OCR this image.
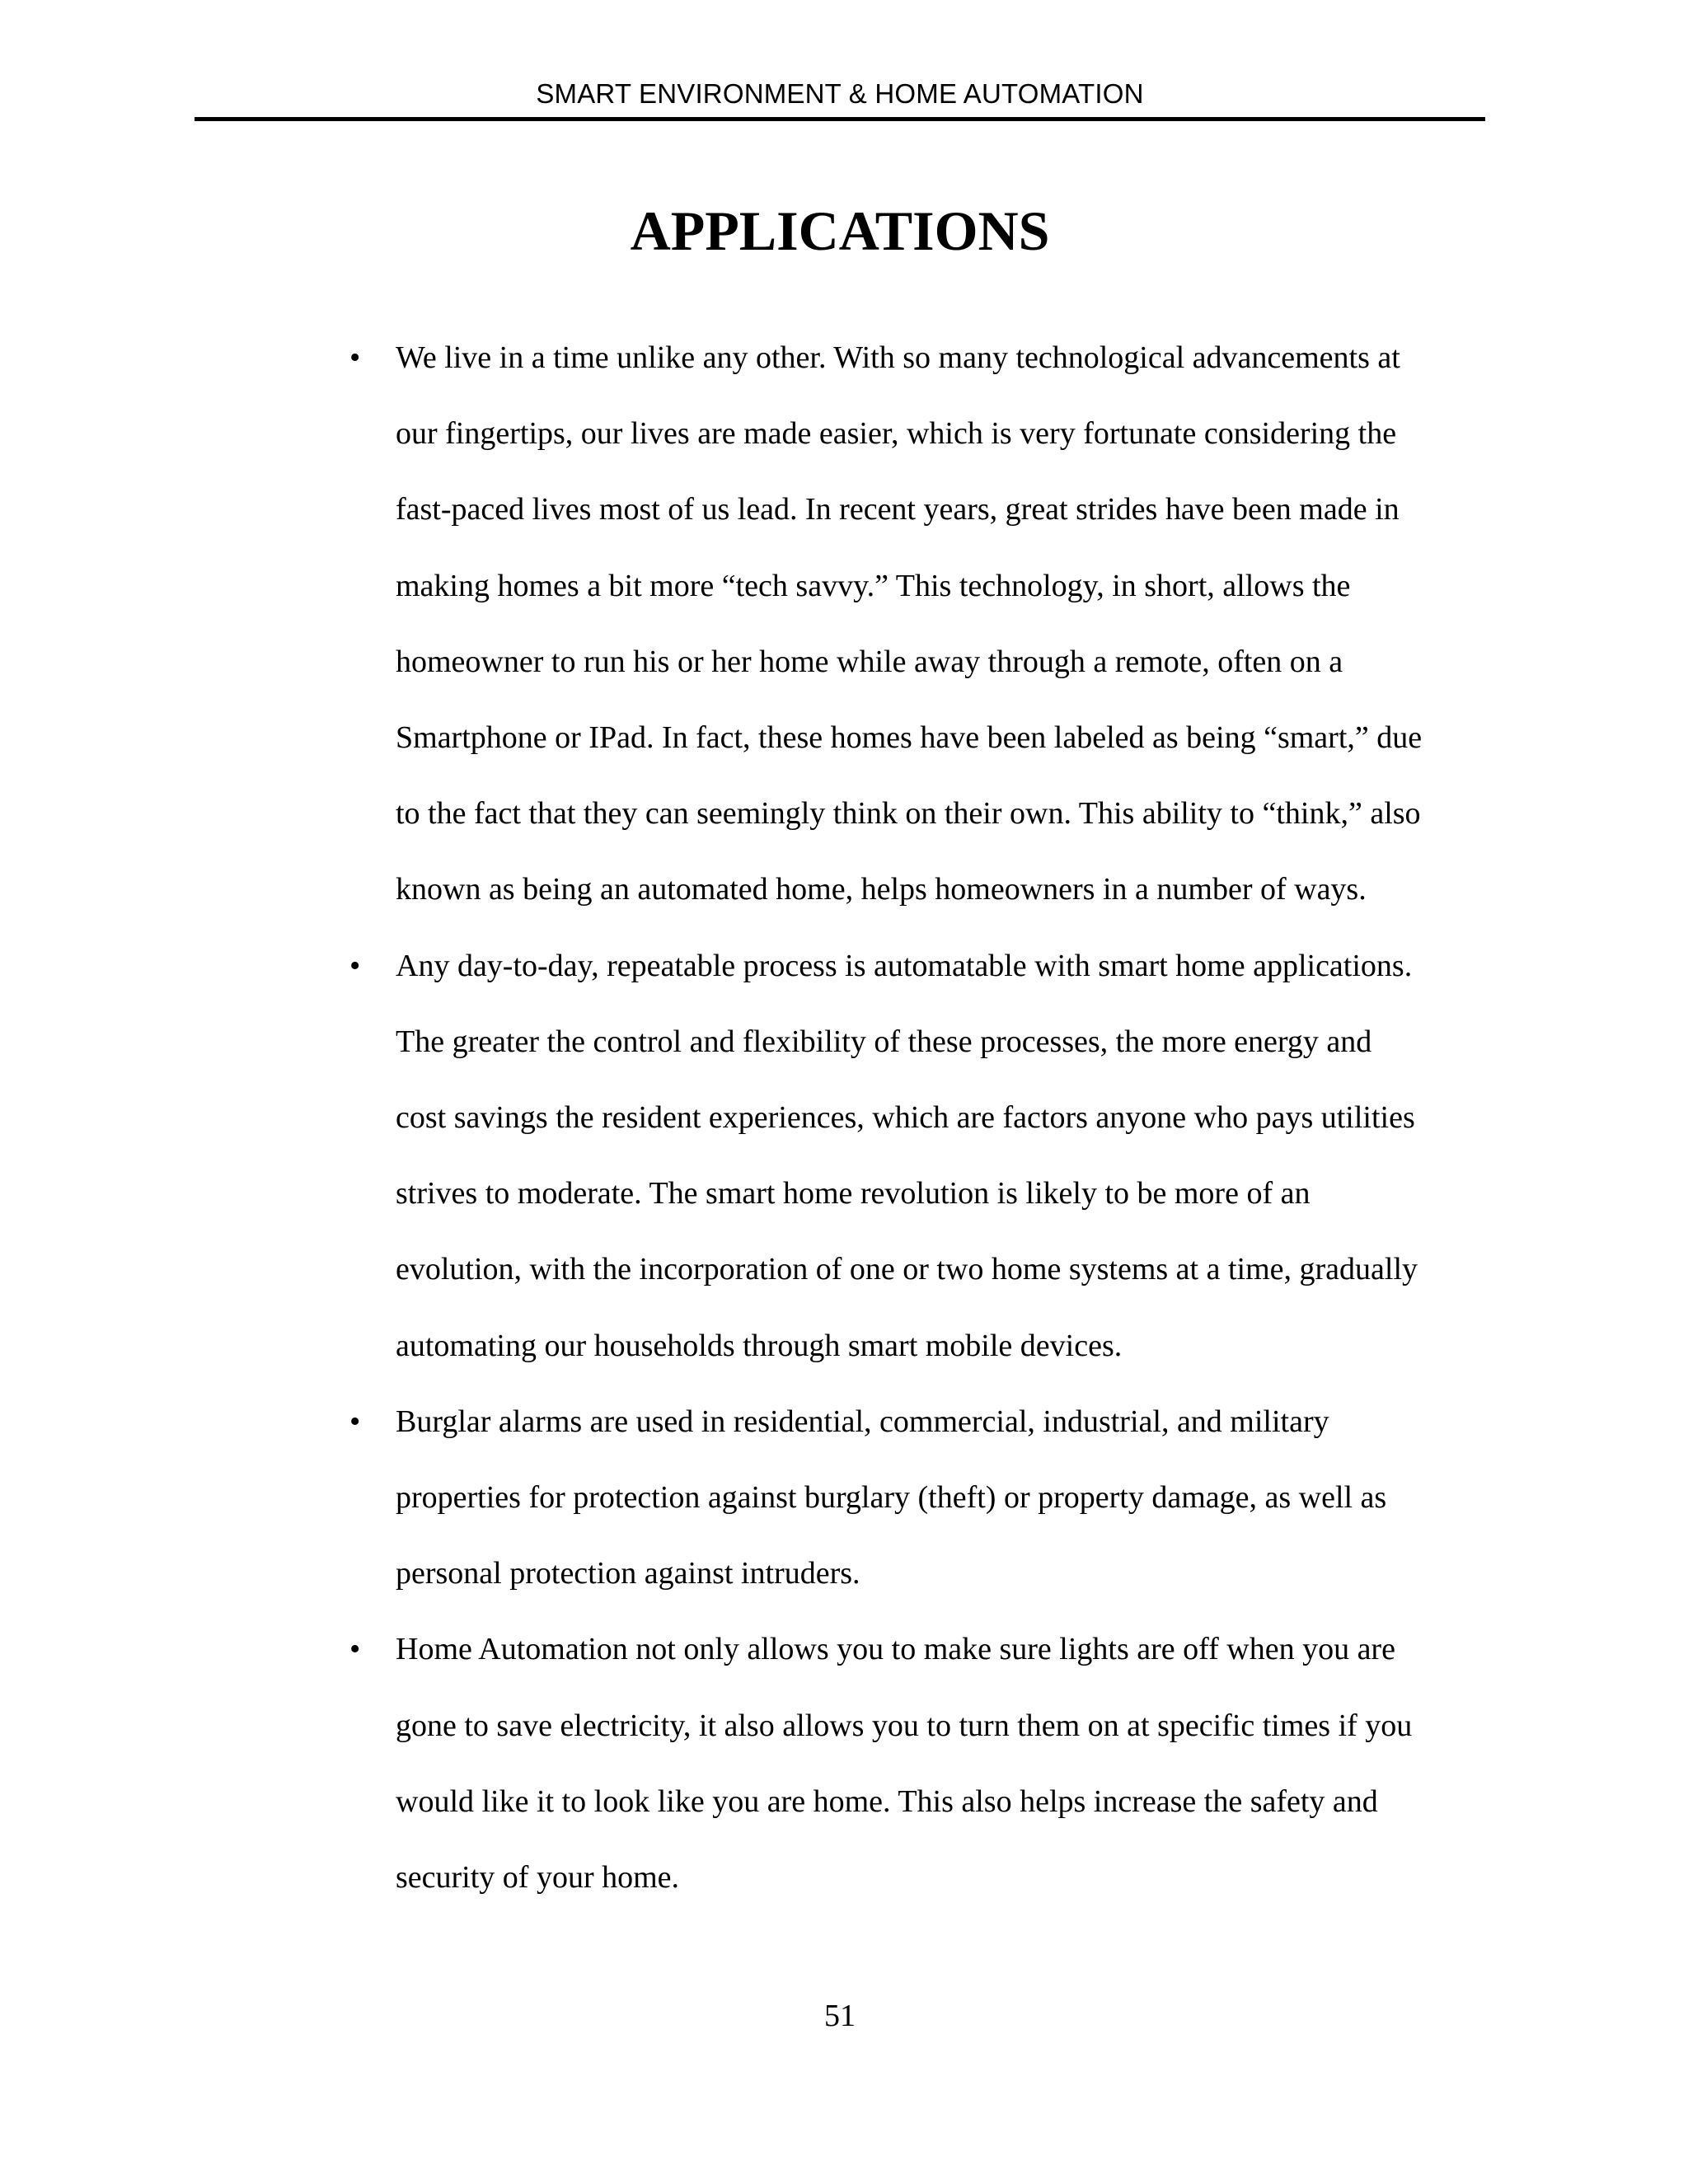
SMART ENVIRONMENT & HOME AUTOMATION
APPLICATIONS
• We live in a time unlike any other. With so many technological advancements at
our fingertips, our lives are made easier, which is very fortunate considering the
fast-paced lives most of us lead. In recent years, great strides have been made in
making homes a bit more “tech savvy.” This technology, in short, allows the
homeowner to run his or her home while away through a remote, often on a
Smartphone or IPad. In fact, these homes have been labeled as being “smart,” due
to the fact that they can seemingly think on their own. This ability to “think,” also
known as being an automated home, helps homeowners in a number of ways.
• Any day-to-day, repeatable process is automatable with smart home applications.
The greater the control and flexibility of these processes, the more energy and
cost savings the resident experiences, which are factors anyone who pays utilities
strives to moderate. The smart home revolution is likely to be more of an
evolution, with the incorporation of one or two home systems at a time, gradually
automating our households through smart mobile devices.
• Burglar alarms are used in residential, commercial, industrial, and military
properties for protection against burglary (theft) or property damage, as well as
personal protection against intruders.
• Home Automation not only allows you to make sure lights are off when you are
gone to save electricity, it also allows you to turn them on at specific times if you
would like it to look like you are home. This also helps increase the safety and
security of your home.
51
